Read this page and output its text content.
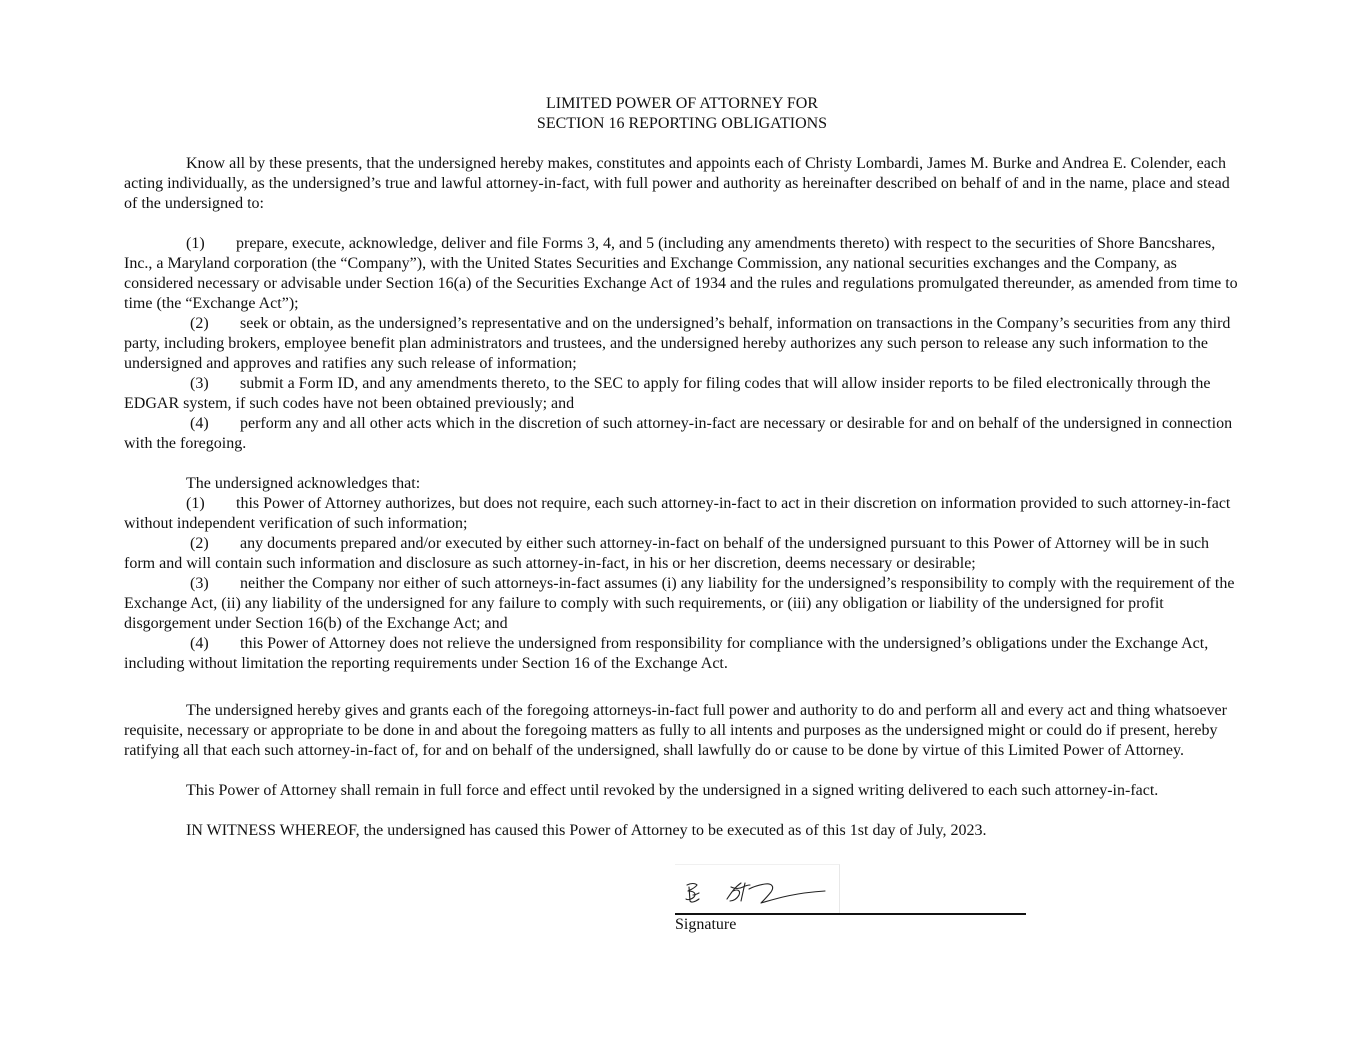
LIMITED POWER OF ATTORNEY FOR
SECTION 16 REPORTING OBLIGATIONS

Know all by these presents, that the undersigned hereby makes, constitutes and appoints each of Christy Lombardi, James M. Burke and Andrea E. Colender, each acting individually, as the undersigned’s true and lawful attorney-in-fact, with full power and authority as hereinafter described on behalf of and in the name, place and stead of the undersigned to:

(1) prepare, execute, acknowledge, deliver and file Forms 3, 4, and 5 (including any amendments thereto) with respect to the securities of Shore Bancshares, Inc., a Maryland corporation (the “Company”), with the United States Securities and Exchange Commission, any national securities exchanges and the Company, as considered necessary or advisable under Section 16(a) of the Securities Exchange Act of 1934 and the rules and regulations promulgated thereunder, as amended from time to time (the “Exchange Act”);

(2) seek or obtain, as the undersigned’s representative and on the undersigned’s behalf, information on transactions in the Company’s securities from any third party, including brokers, employee benefit plan administrators and trustees, and the undersigned hereby authorizes any such person to release any such information to the undersigned and approves and ratifies any such release of information;

(3) submit a Form ID, and any amendments thereto, to the SEC to apply for filing codes that will allow insider reports to be filed electronically through the EDGAR system, if such codes have not been obtained previously; and

(4) perform any and all other acts which in the discretion of such attorney-in-fact are necessary or desirable for and on behalf of the undersigned in connection with the foregoing.

The undersigned acknowledges that:

(1) this Power of Attorney authorizes, but does not require, each such attorney-in-fact to act in their discretion on information provided to such attorney-in-fact without independent verification of such information;

(2) any documents prepared and/or executed by either such attorney-in-fact on behalf of the undersigned pursuant to this Power of Attorney will be in such form and will contain such information and disclosure as such attorney-in-fact, in his or her discretion, deems necessary or desirable;

(3) neither the Company nor either of such attorneys-in-fact assumes (i) any liability for the undersigned’s responsibility to comply with the requirement of the Exchange Act, (ii) any liability of the undersigned for any failure to comply with such requirements, or (iii) any obligation or liability of the undersigned for profit disgorgement under Section 16(b) of the Exchange Act; and

(4) this Power of Attorney does not relieve the undersigned from responsibility for compliance with the undersigned’s obligations under the Exchange Act, including without limitation the reporting requirements under Section 16 of the Exchange Act.

The undersigned hereby gives and grants each of the foregoing attorneys-in-fact full power and authority to do and perform all and every act and thing whatsoever requisite, necessary or appropriate to be done in and about the foregoing matters as fully to all intents and purposes as the undersigned might or could do if present, hereby ratifying all that each such attorney-in-fact of, for and on behalf of the undersigned, shall lawfully do or cause to be done by virtue of this Limited Power of Attorney.

This Power of Attorney shall remain in full force and effect until revoked by the undersigned in a signed writing delivered to each such attorney-in-fact.

IN WITNESS WHEREOF, the undersigned has caused this Power of Attorney to be executed as of this 1st day of July, 2023.

Signature
